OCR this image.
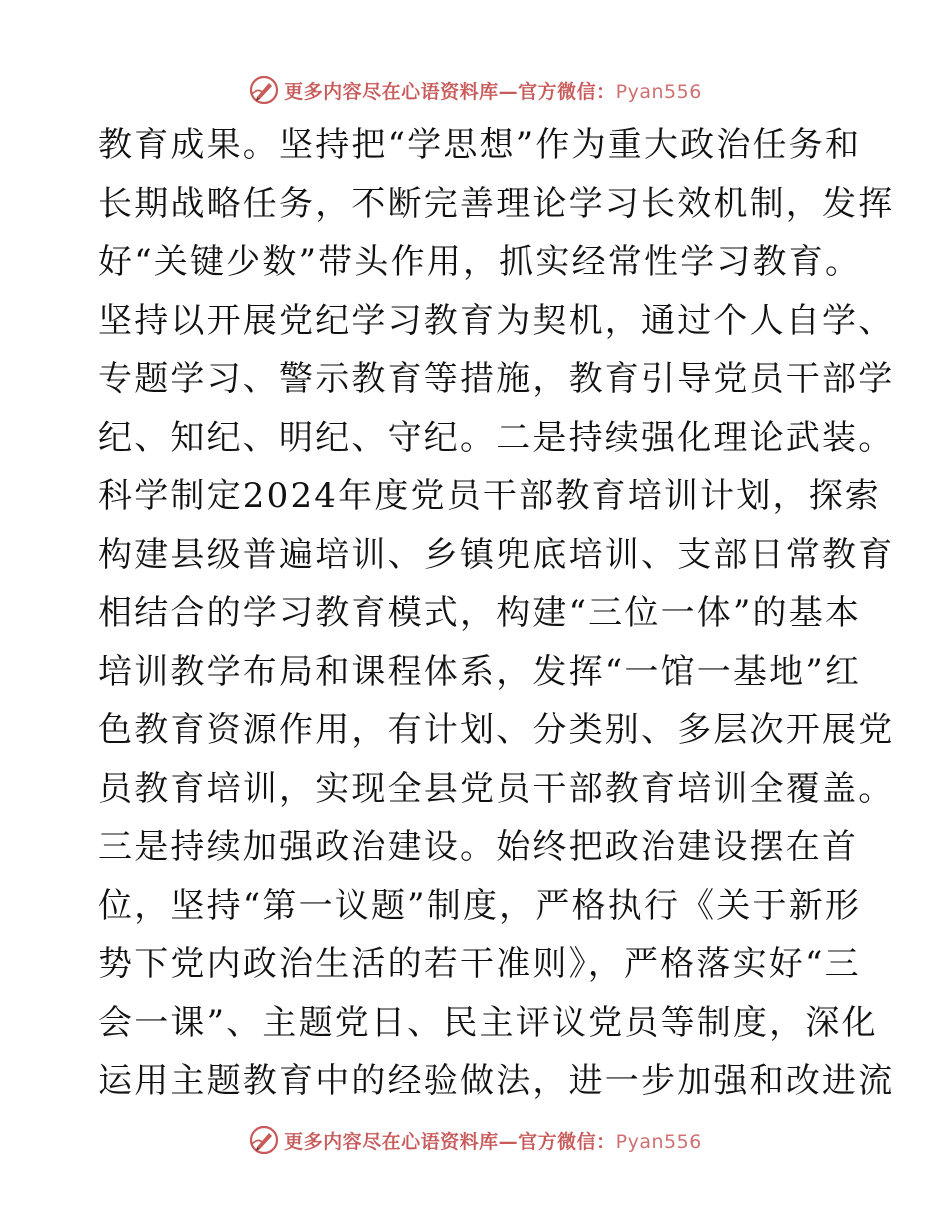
更多内容尽在心语资料库—官方微信：Pyan556
教育成果。坚持把“学思想”作为重大政治任务和
长期战略任务，不断完善理论学习长效机制，发挥
好“关键少数”带头作用，抓实经常性学习教育。
坚持以开展党纪学习教育为契机，通过个人自学、
专题学习、警示教育等措施，教育引导党员干部学
纪、知纪、明纪、守纪。二是持续强化理论武装。
科学制定2024年度党员干部教育培训计划，探索
构建县级普遍培训、乡镇兜底培训、支部日常教育
相结合的学习教育模式，构建“三位一体”的基本
培训教学布局和课程体系，发挥“一馆一基地”红
色教育资源作用，有计划、分类别、多层次开展党
员教育培训，实现全县党员干部教育培训全覆盖。
三是持续加强政治建设。始终把政治建设摆在首
位，坚持“第一议题”制度，严格执行《关于新形
势下党内政治生活的若干准则》，严格落实好“三
会一课”、主题党日、民主评议党员等制度，深化
运用主题教育中的经验做法，进一步加强和改进流
更多内容尽在心语资料库—官方微信：Pyan556
